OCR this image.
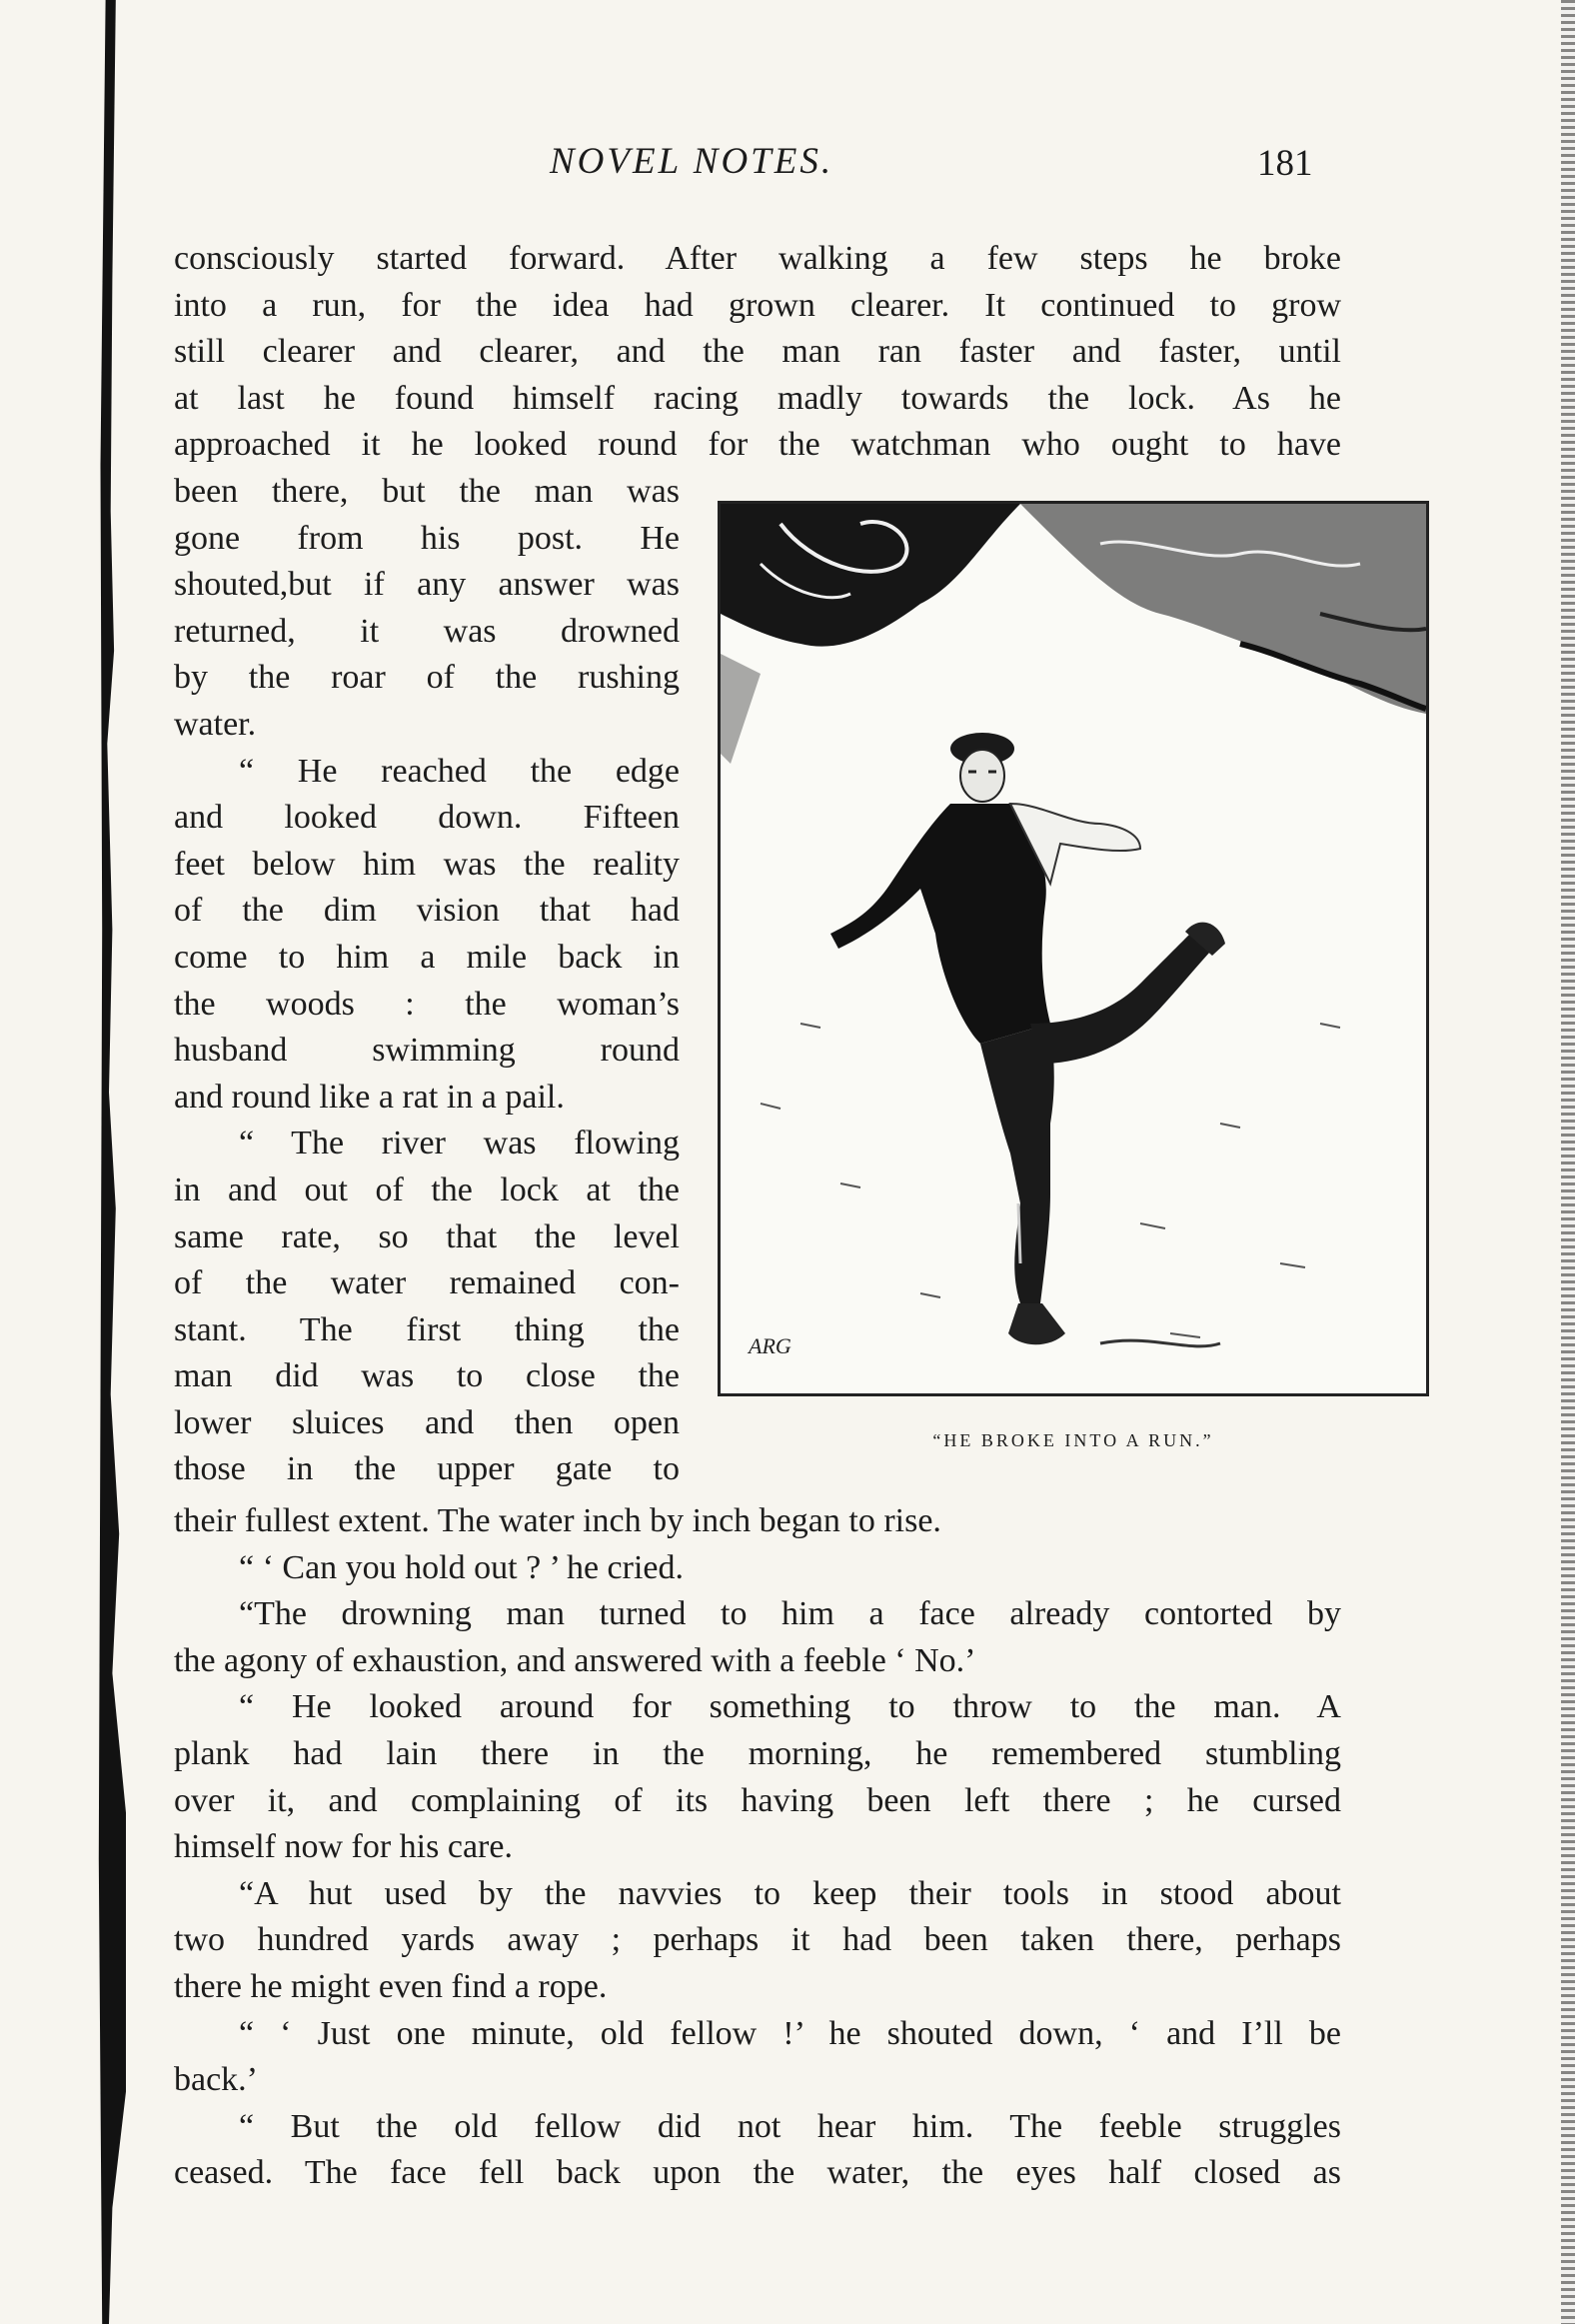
NOVEL NOTES.	181
consciously started forward. After walking a few steps he broke
into a run, for the idea had grown clearer. It continued to grow
still clearer and clearer, and the man ran faster and faster, until
at last he found himself racing madly towards the lock. As he
approached it he looked round for the watchman who ought to have
been there, but the man was
gone from his post. He
shouted,but if any answer was
returned, it was drowned
by the roar of the rushing
water.
“ He reached the edge
and looked down. Fifteen
feet below him was the reality
of the dim vision that had
come to him a mile back in
the woods : the woman’s
husband swimming round
and round like a rat in a pail.
“ The river was flowing
in and out of the lock at the
same rate, so that the level
of the water remained con-
stant. The first thing the
man did was to close the
lower sluices and then open
those in the upper gate to
ARG
“HE BROKE INTO A RUN.”
their fullest extent. The water inch by inch began to rise.
“ ‘ Can you hold out ? ’ he cried.
“The drowning man turned to him a face already contorted by
the agony of exhaustion, and answered with a feeble ‘ No.’
“ He looked around for something to throw to the man. A
plank had lain there in the morning, he remembered stumbling
over it, and complaining of its having been left there ; he cursed
himself now for his care.
“A hut used by the navvies to keep their tools in stood about
two hundred yards away ; perhaps it had been taken there, perhaps
there he might even find a rope.
“ ‘ Just one minute, old fellow !’ he shouted down, ‘ and I’ll be
back.’
“ But the old fellow did not hear him. The feeble struggles
ceased. The face fell back upon the water, the eyes half closed as
